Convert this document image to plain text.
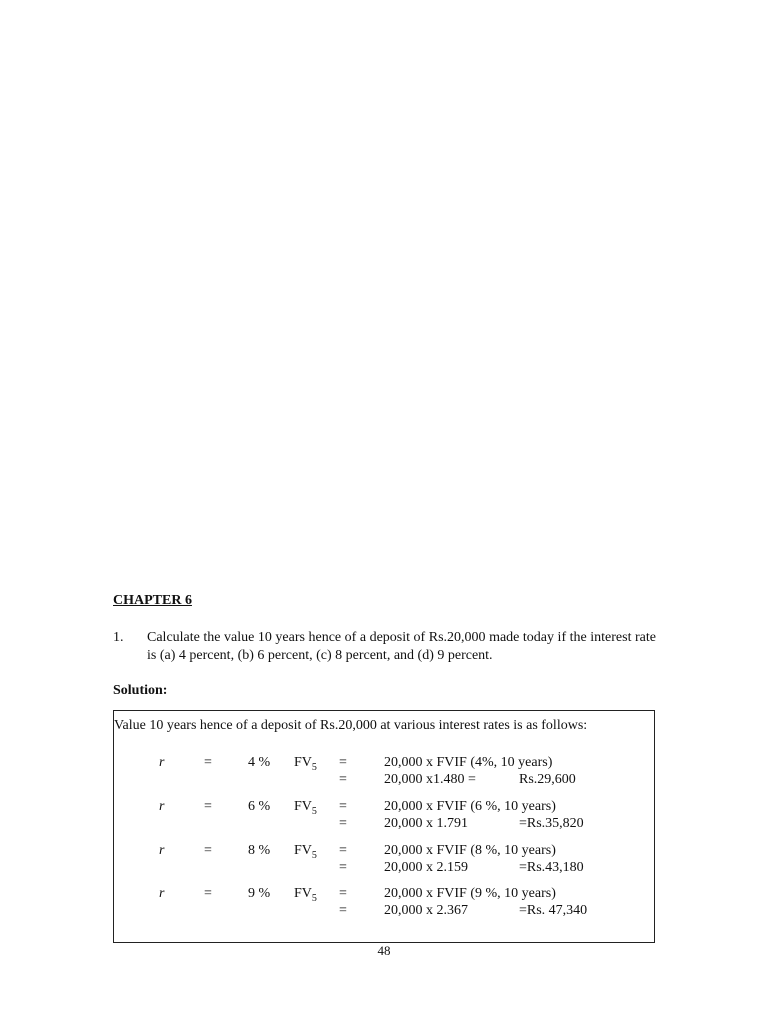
CHAPTER 6
1.	Calculate the value 10 years hence of a deposit of Rs.20,000 made today if the interest rate is (a) 4 percent, (b) 6 percent, (c) 8 percent, and (d) 9 percent.
Solution:
Value 10 years hence of a deposit of Rs.20,000 at various interest rates is as follows:
r	=	4 % $FV_5$ =	20,000 x FVIF (4%, 10 years)
=	20,000 x1.480 =	Rs.29,600
r	=	6 % $FV_5$ =	20,000 x FVIF (6 %, 10 years)
=	20,000 x 1.791	=Rs.35,820
r	=	8 % $FV_5$ =	20,000 x FVIF (8 %, 10 years)
=	20,000 x 2.159	=Rs.43,180
r	=	9 % $FV_5$ =	20,000 x FVIF (9 %, 10 years)
=	20,000 x 2.367	=Rs. 47,340
48
